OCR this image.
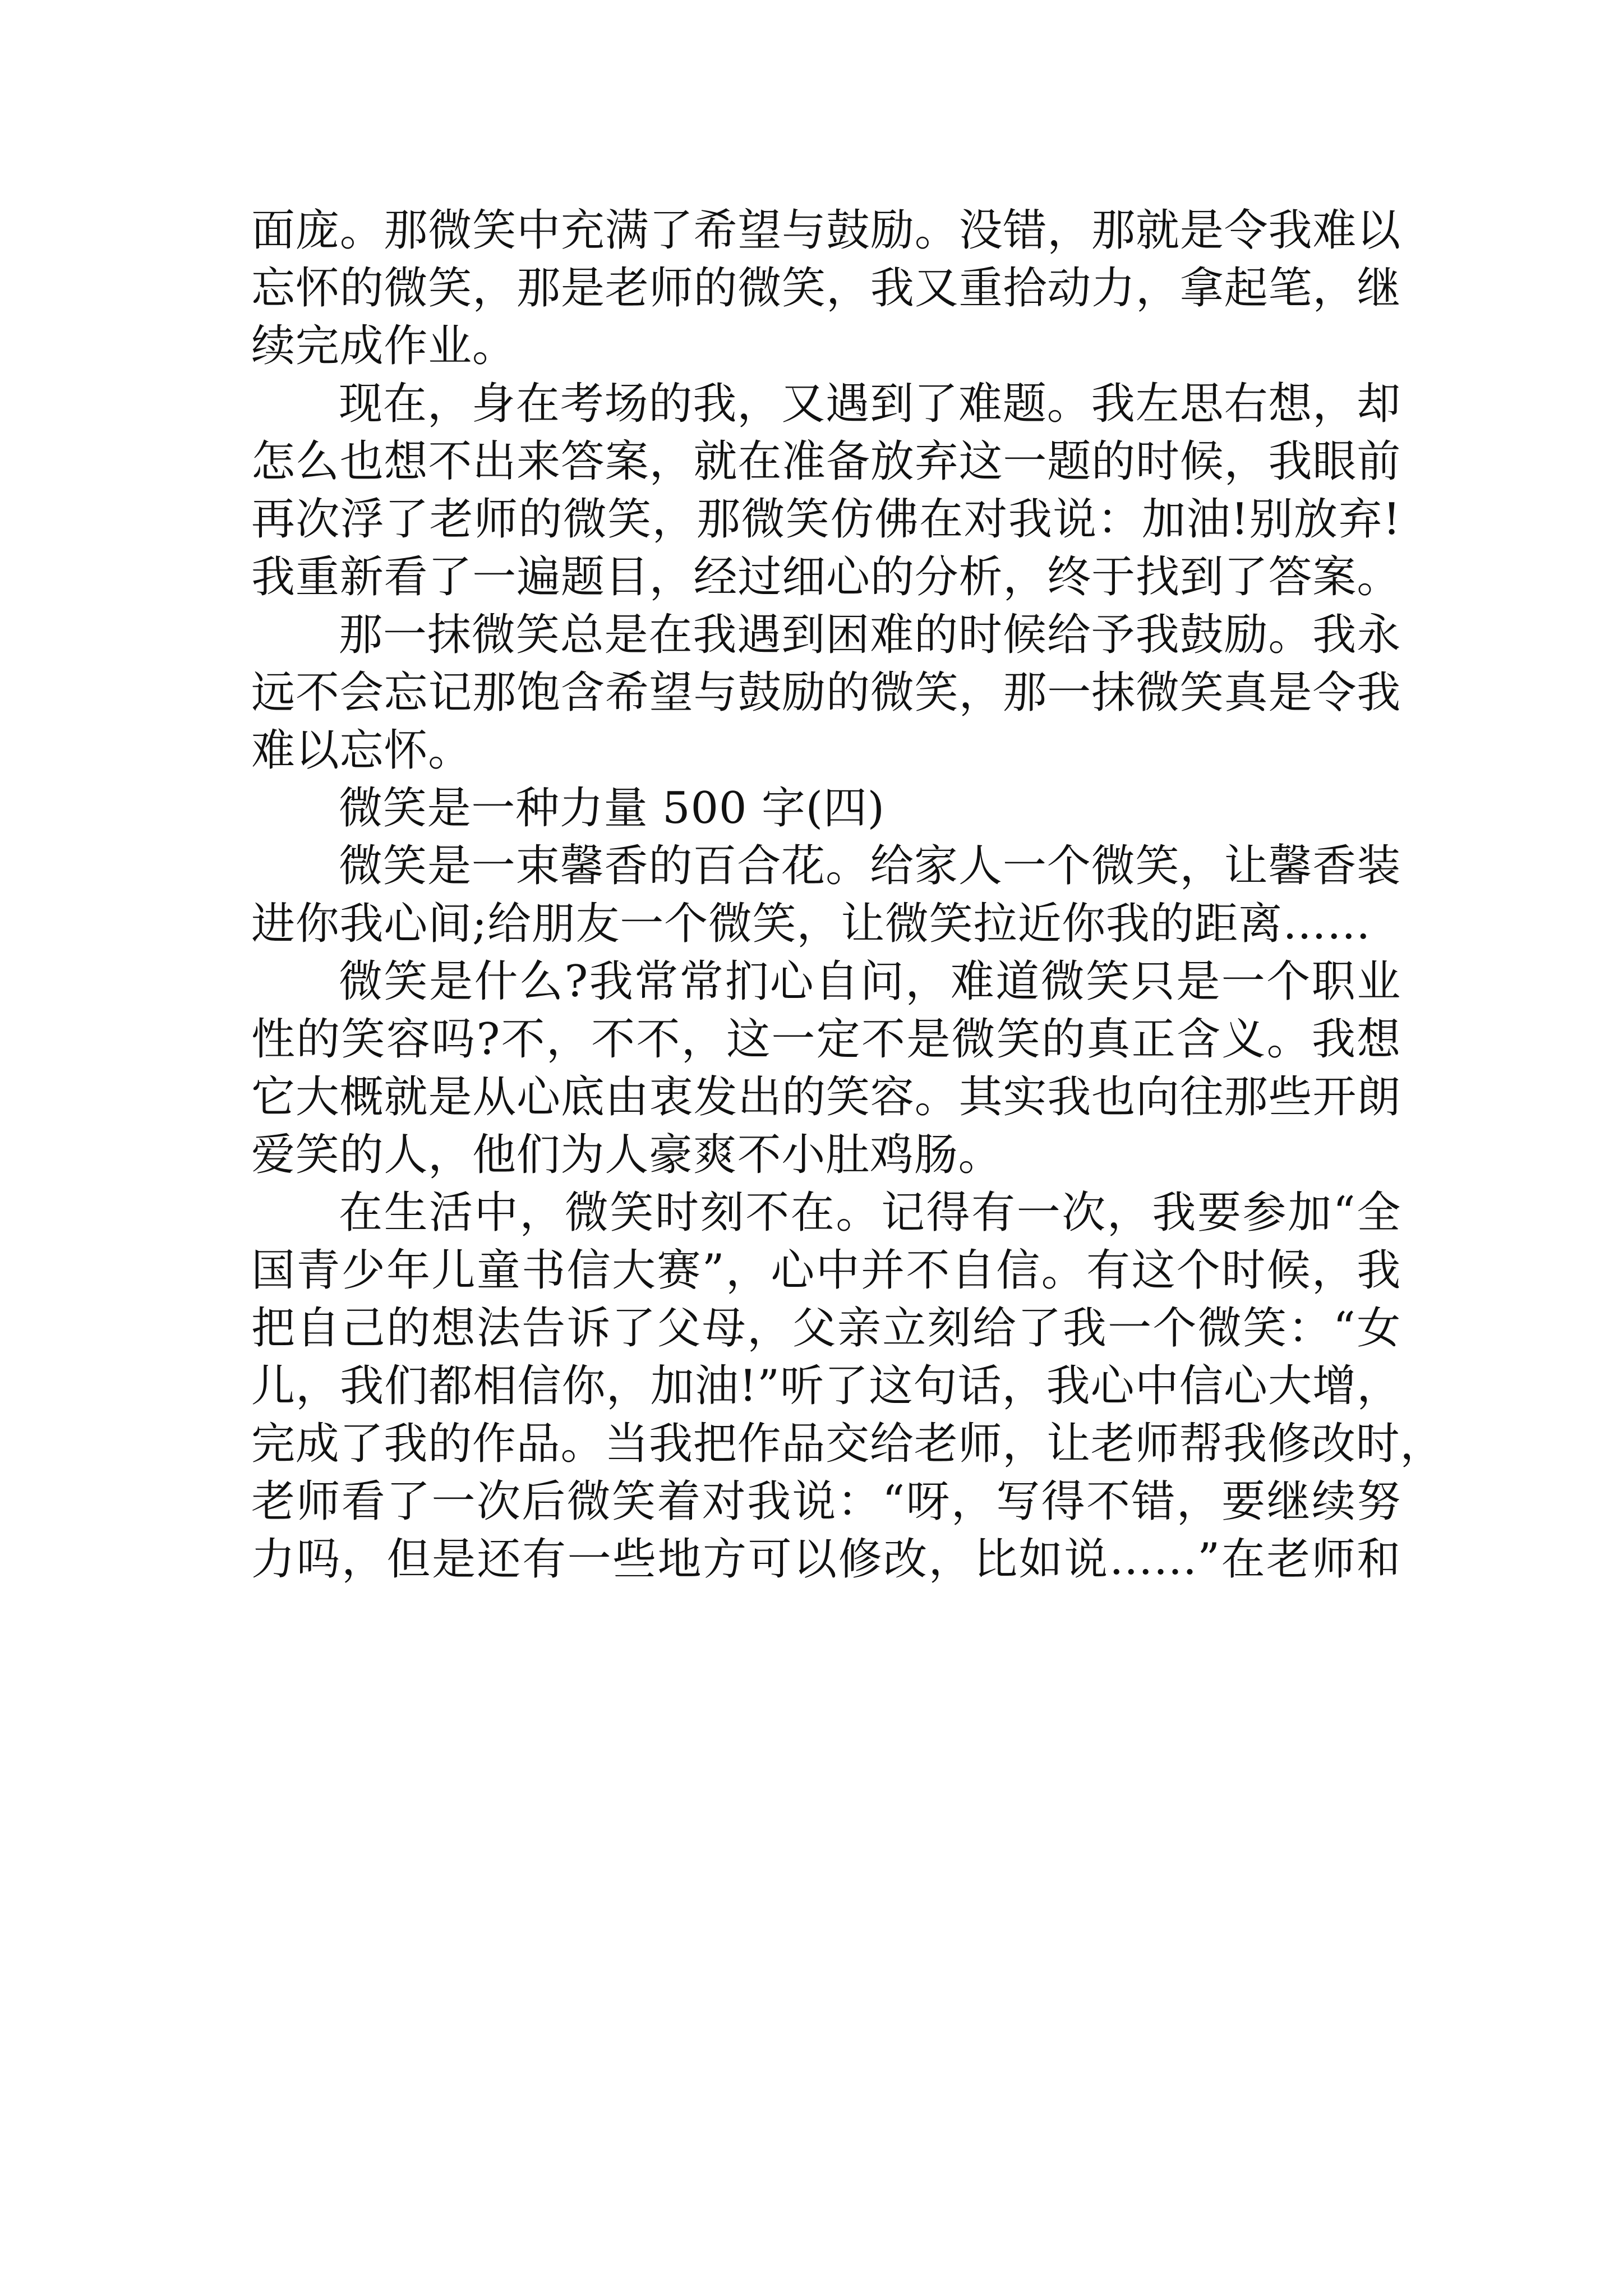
面庞。那微笑中充满了希望与鼓励。没错，那就是令我难以
忘怀的微笑，那是老师的微笑，我又重拾动力，拿起笔，继
续完成作业。
现在，身在考场的我，又遇到了难题。我左思右想，却
怎么也想不出来答案，就在准备放弃这一题的时候，我眼前
再次浮了老师的微笑，那微笑仿佛在对我说：加油!别放弃!
我重新看了一遍题目，经过细心的分析，终于找到了答案。
那一抹微笑总是在我遇到困难的时候给予我鼓励。我永
远不会忘记那饱含希望与鼓励的微笑，那一抹微笑真是令我
难以忘怀。
微笑是一种力量 500 字(四)
微笑是一束馨香的百合花。给家人一个微笑，让馨香装
进你我心间;给朋友一个微笑，让微笑拉近你我的距离……
微笑是什么?我常常扪心自问，难道微笑只是一个职业
性的笑容吗?不，不不，这一定不是微笑的真正含义。我想
它大概就是从心底由衷发出的笑容。其实我也向往那些开朗
爱笑的人，他们为人豪爽不小肚鸡肠。
在生活中，微笑时刻不在。记得有一次，我要参加“全
国青少年儿童书信大赛”，心中并不自信。有这个时候，我
把自己的想法告诉了父母，父亲立刻给了我一个微笑：“女
儿，我们都相信你，加油!”听了这句话，我心中信心大增，
完成了我的作品。当我把作品交给老师，让老师帮我修改时，
老师看了一次后微笑着对我说：“呀，写得不错，要继续努
力吗，但是还有一些地方可以修改，比如说……”在老师和
